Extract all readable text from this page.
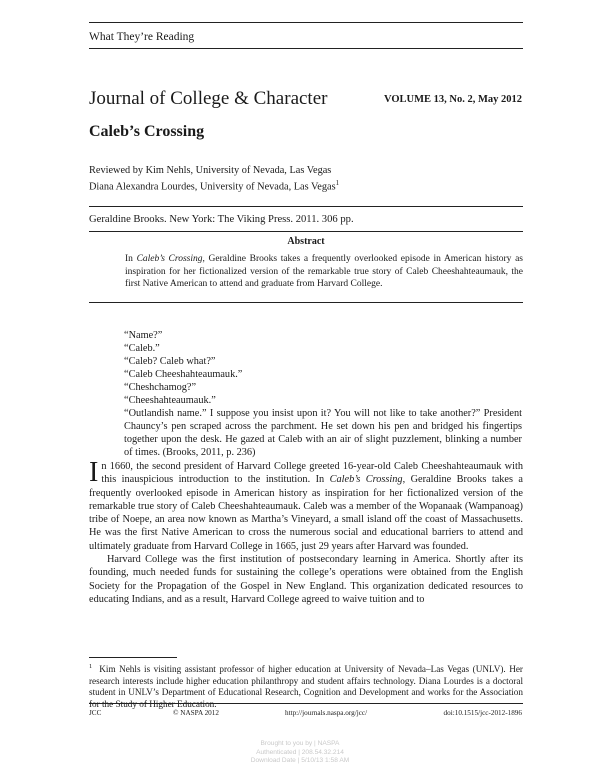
What They’re Reading
Journal of College & Character	VOLUME 13, No. 2, May 2012
Caleb’s Crossing
Reviewed by Kim Nehls, University of Nevada, Las Vegas
Diana Alexandra Lourdes, University of Nevada, Las Vegas$^1$
Geraldine Brooks. New York: The Viking Press. 2011. 306 pp.
Abstract
In Caleb’s Crossing, Geraldine Brooks takes a frequently overlooked episode in American history as inspiration for her fictionalized version of the remarkable true story of Caleb Cheeshahteaumauk, the first Native American to attend and graduate from Harvard College.
“Name?”
“Caleb.”
“Caleb? Caleb what?”
“Caleb Cheeshahteaumauk.”
“Cheshchamog?”
“Cheeshahteaumauk.”
“Outlandish name.” I suppose you insist upon it? You will not like to take another?” President Chauncy’s pen scraped across the parchment. He set down his pen and bridged his fingertips together upon the desk. He gazed at Caleb with an air of slight puzzlement, blinking a number of times. (Brooks, 2011, p. 236)

In 1660, the second president of Harvard College greeted 16-year-old Caleb Cheeshahteaumauk with this inauspicious introduction to the institution. In Caleb’s Crossing, Geraldine Brooks takes a frequently overlooked episode in American history as inspiration for her fictionalized version of the remarkable true story of Caleb Cheeshahteaumauk. Caleb was a member of the Wopanaak (Wampanoag) tribe of Noepe, an area now known as Martha’s Vineyard, a small island off the coast of Massachusetts. He was the first Native American to cross the numerous social and educational barriers to attend and ultimately graduate from Harvard College in 1665, just 29 years after Harvard was founded.

Harvard College was the first institution of postsecondary learning in America. Shortly after its founding, much needed funds for sustaining the college’s operations were obtained from the English Society for the Propagation of the Gospel in New England. This organization dedicated resources to educating Indians, and as a result, Harvard College agreed to waive tuition and to

$^1$ Kim Nehls is visiting assistant professor of higher education at University of Nevada–Las Vegas (UNLV). Her research interests include higher education philanthropy and student affairs technology. Diana Lourdes is a doctoral student in UNLV’s Department of Educational Research, Cognition and Development and works for the Association for the Study of Higher Education.
JCC	© NASPA 2012	http://journals.naspa.org/jcc/	doi:10.1515/jcc-2012-1896
Brought to you by | NASPA
Authenticated | 208.54.32.214
Download Date | 5/10/13 1:58 AM
